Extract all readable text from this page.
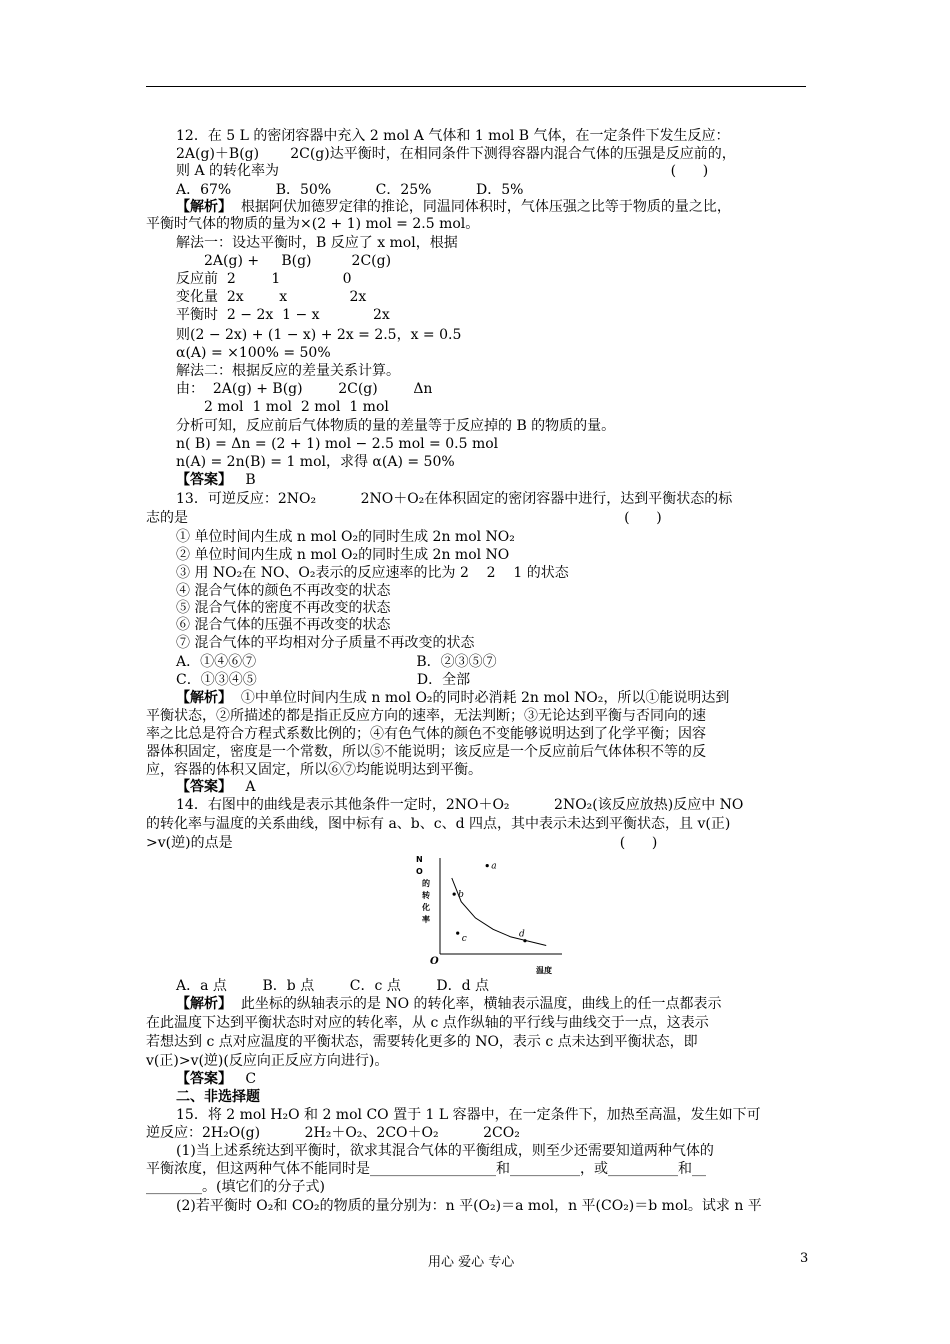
12．在 5 L 的密闭容器中充入 2 mol A 气体和 1 mol B 气体，在一定条件下发生反应：
2A(g)＋B(g)       2C(g)达平衡时，在相同条件下测得容器内混合气体的压强是反应前的，
则 A 的转化率为                                                                                        (      )
A．67%          B．50%          C．25%          D．5%
【解析】  根据阿伏加德罗定律的推论，同温同体积时，气体压强之比等于物质的量之比，
平衡时气体的物质的量为×(2 + 1) mol = 2.5 mol。
解法一：设达平衡时，B 反应了 x mol，根据
2A(g) +     B(g)         2C(g)
反应前  2        1              0
变化量  2x        x              2x
平衡时  2 − 2x  1 − x            2x
则(2 − 2x) + (1 − x) + 2x = 2.5，x = 0.5
α(A) = ×100% = 50%
解法二：根据反应的差量关系计算。
由：  2A(g) + B(g)        2C(g)        Δn
2 mol  1 mol  2 mol  1 mol
分析可知，反应前后气体物质的量的差量等于反应掉的 B 的物质的量。
n( B) = Δn = (2 + 1) mol − 2.5 mol = 0.5 mol
n(A) = 2n(B) = 1 mol，求得 α(A) = 50%
【答案】   B
13．可逆反应：2NO₂          2NO＋O₂在体积固定的密闭容器中进行，达到平衡状态的标
志的是                                                                                                  (      )
① 单位时间内生成 n mol O₂的同时生成 2n mol NO₂
② 单位时间内生成 n mol O₂的同时生成 2n mol NO
③ 用 NO₂在 NO、O₂表示的反应速率的比为 2    2    1 的状态
④ 混合气体的颜色不再改变的状态
⑤ 混合气体的密度不再改变的状态
⑥ 混合气体的压强不再改变的状态
⑦ 混合气体的平均相对分子质量不再改变的状态
A．①④⑥⑦                                    B．②③⑤⑦
C．①③④⑤                                    D．全部
【解析】  ①中单位时间内生成 n mol O₂的同时必消耗 2n mol NO₂，所以①能说明达到
平衡状态，②所描述的都是指正反应方向的速率，无法判断；③无论达到平衡与否同向的速
率之比总是符合方程式系数比例的；④有色气体的颜色不变能够说明达到了化学平衡；因容
器体积固定，密度是一个常数，所以⑤不能说明；该反应是一个反应前后气体体积不等的反
应，容器的体积又固定，所以⑥⑦均能说明达到平衡。
【答案】   A
14．右图中的曲线是表示其他条件一定时，2NO＋O₂          2NO₂(该反应放热)反应中 NO
的转化率与温度的关系曲线，图中标有 a、b、c、d 四点，其中表示未达到平衡状态，且 v(正)
>v(逆)的点是                                                                                       (      )
N O的转化率
温度
O
a
b
c	d
A．a 点        B．b 点        C．c 点        D．d 点
【解析】  此坐标的纵轴表示的是 NO 的转化率，横轴表示温度，曲线上的任一点都表示
在此温度下达到平衡状态时对应的转化率，从 c 点作纵轴的平行线与曲线交于一点，这表示
若想达到 c 点对应温度的平衡状态，需要转化更多的 NO，表示 c 点未达到平衡状态，即
v(正)>v(逆)(反应向正反应方向进行)。
【答案】   C
二、非选择题
15．将 2 mol H₂O 和 2 mol CO 置于 1 L 容器中，在一定条件下，加热至高温，发生如下可
逆反应：2H₂O(g)          2H₂＋O₂、2CO＋O₂          2CO₂
(1)当上述系统达到平衡时，欲求其混合气体的平衡组成，则至少还需要知道两种气体的
平衡浓度，但这两种气体不能同时是__________________和__________，或__________和__
________。(填它们的分子式)
(2)若平衡时 O₂和 CO₂的物质的量分别为：n 平(O₂)＝a mol，n 平(CO₂)＝b mol。试求 n 平
用心 爱心 专心	3
